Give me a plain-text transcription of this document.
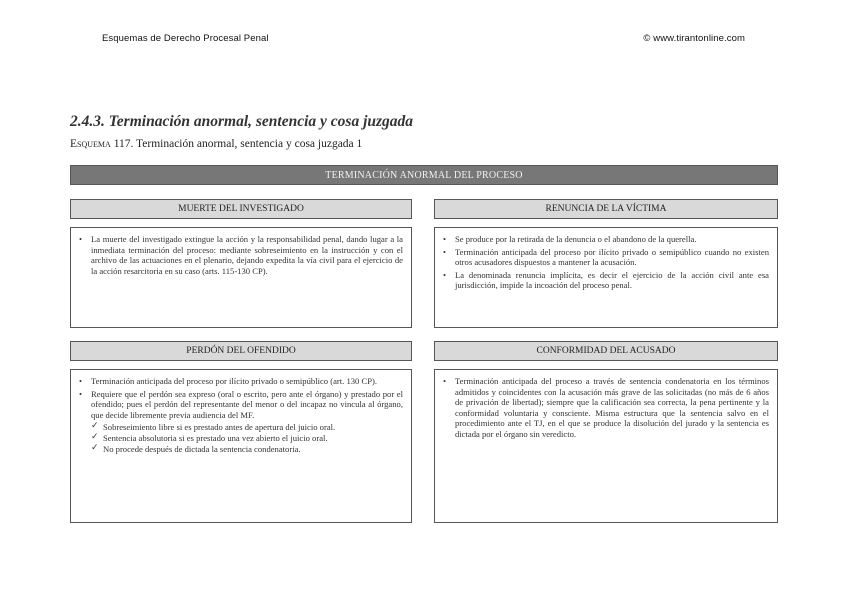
Esquemas de Derecho Procesal Penal	© www.tirantonline.com
2.4.3. Terminación anormal, sentencia y cosa juzgada
Esquema 117. Terminación anormal, sentencia y cosa juzgada 1
TERMINACIÓN ANORMAL DEL PROCESO
MUERTE DEL INVESTIGADO
• La muerte del investigado extingue la acción y la responsabilidad penal, dando lugar a la inmediata terminación del proceso: mediante sobreseimiento en la instrucción y con el archivo de las actuaciones en el plenario, dejando expedita la vía civil para el ejercicio de la acción resarcitoria en su caso (arts. 115-130 CP).
RENUNCIA DE LA VÍCTIMA
• Se produce por la retirada de la denuncia o el abandono de la querella.
• Terminación anticipada del proceso por ilícito privado o semipúblico cuando no existen otros acusadores dispuestos a mantener la acusación.
• La denominada renuncia implícita, es decir el ejercicio de la acción civil ante esa jurisdicción, impide la incoación del proceso penal.
PERDÓN DEL OFENDIDO
• Terminación anticipada del proceso por ilícito privado o semipúblico (art. 130 CP).
• Requiere que el perdón sea expreso (oral o escrito, pero ante el órgano) y prestado por el ofendido; pues el perdón del representante del menor o del incapaz no vincula al órgano, que decide libremente previa audiencia del MF.
✓ Sobreseimiento libre si es prestado antes de apertura del juicio oral.
✓ Sentencia absolutoria si es prestado una vez abierto el juicio oral.
✓ No procede después de dictada la sentencia condenatoria.
CONFORMIDAD DEL ACUSADO
• Terminación anticipada del proceso a través de sentencia condenatoria en los términos admitidos y coincidentes con la acusación más grave de las solicitadas (no más de 6 años de privación de libertad); siempre que la calificación sea correcta, la pena pertinente y la conformidad voluntaria y consciente. Misma estructura que la sentencia salvo en el procedimiento ante el TJ, en el que se produce la disolución del jurado y la sentencia es dictada por el órgano sin veredicto.
